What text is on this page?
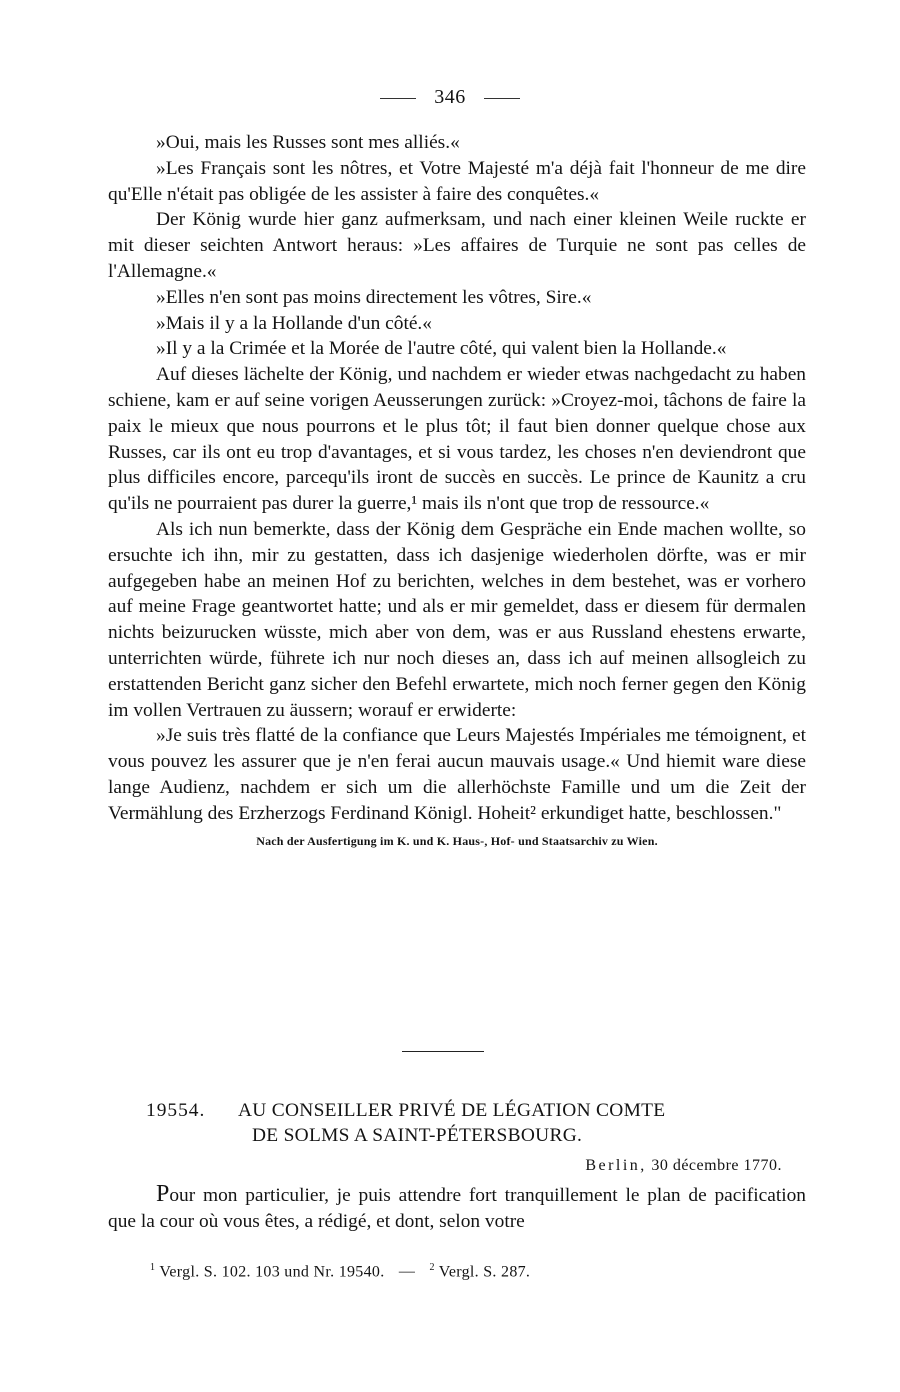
346

»Oui, mais les Russes sont mes alliés.«

»Les Français sont les nôtres, et Votre Majesté m'a déjà fait l'honneur de me dire qu'Elle n'était pas obligée de les assister à faire des conquêtes.«

Der König wurde hier ganz aufmerksam, und nach einer kleinen Weile ruckte er mit dieser seichten Antwort heraus: »Les affaires de Turquie ne sont pas celles de l'Allemagne.«

»Elles n'en sont pas moins directement les vôtres, Sire.«

»Mais il y a la Hollande d'un côté.«

»Il y a la Crimée et la Morée de l'autre côté, qui valent bien la Hollande.«

Auf dieses lächelte der König, und nachdem er wieder etwas nachgedacht zu haben schiene, kam er auf seine vorigen Aeusserungen zurück: »Croyez-moi, tâchons de faire la paix le mieux que nous pourrons et le plus tôt; il faut bien donner quelque chose aux Russes, car ils ont eu trop d'avantages, et si vous tardez, les choses n'en deviendront que plus difficiles encore, parcequ'ils iront de succès en succès. Le prince de Kaunitz a cru qu'ils ne pourraient pas durer la guerre,¹ mais ils n'ont que trop de ressource.«

Als ich nun bemerkte, dass der König dem Gespräche ein Ende machen wollte, so ersuchte ich ihn, mir zu gestatten, dass ich dasjenige wiederholen dörfte, was er mir aufgegeben habe an meinen Hof zu berichten, welches in dem bestehet, was er vorhero auf meine Frage geantwortet hatte; und als er mir gemeldet, dass er diesem für dermalen nichts beizurucken wüsste, mich aber von dem, was er aus Russland ehestens erwarte, unterrichten würde, führete ich nur noch dieses an, dass ich auf meinen allsogleich zu erstattenden Bericht ganz sicher den Befehl erwartete, mich noch ferner gegen den König im vollen Vertrauen zu äussern; worauf er erwiderte:

»Je suis très flatté de la confiance que Leurs Majestés Impériales me témoignent, et vous pouvez les assurer que je n'en ferai aucun mauvais usage.« Und hiemit ware diese lange Audienz, nachdem er sich um die allerhöchste Famille und um die Zeit der Vermählung des Erzherzogs Ferdinand Königl. Hoheit² erkundiget hatte, beschlossen."

Nach der Ausfertigung im K. und K. Haus-, Hof- und Staatsarchiv zu Wien.

19554. AU CONSEILLER PRIVÉ DE LÉGATION COMTE
DE SOLMS A SAINT-PÉTERSBOURG.
Berlin, 30 décembre 1770.

Pour mon particulier, je puis attendre fort tranquillement le plan de pacification que la cour où vous êtes, a rédigé, et dont, selon votre

$^1$ Vergl. S. 102. 103 und Nr. 19540. — $^2$ Vergl. S. 287.
